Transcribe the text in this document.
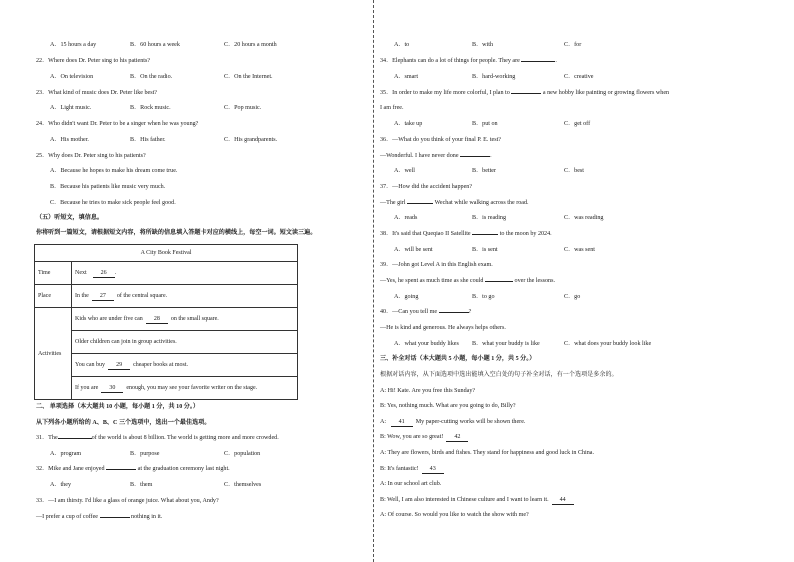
A．15 hours a day	B．60 hours a week	C．20 hours a month
22．Where does Dr. Peter sing to his patients?
A．On television	B．On the radio.	C．On the Internet.
23．What kind of music does Dr. Peter like best?
A．Light music.	B．Rock music.	C．Pop music.
24．Who didn't want Dr. Peter to be a singer when he was young?
A．His mother.	B．His father.	C．His grandparents.
25．Why does Dr. Peter sing to his patients?
A．Because he hopes to make his dream come true.
B．Because his patients like music very much.
C．Because he tries to make sick people feel good.
（五）听短文，填信息。
你将听到一篇短文，请根据短文内容，将所缺的信息填入答题卡对应的横线上，每空一词。短文读三遍。
A City Book Festival	
Time	Next 26 .
Place	In the 27 of the central square.
Activities	Kids who are under five can 28 on the small square.
	Older children can join in group activities.
	You can buy 29 cheaper books at most.
	If you are 30 enough, you may see your favorite writer on the stage.
二、 单项选择（本大题共 10 小题，每小题 1 分，共 10 分。）
从下列各小题所给的 A、B、C 三个选项中，选出一个最佳选项。
31．The	of the world is about 8 billion. The world is getting more and more crowded.
A．program	B．purpose	C．population
32．Mike and Jane enjoyed	at the graduation ceremony last night.
A．they	B．them	C．themselves
33．—I am thirsty. I'd like a glass of orange juice. What about you, Andy?
—I prefer a cup of coffee	nothing in it.
A．to	B．with	C．for
34．Elephants can do a lot of things for people. They are	.
A．smart	B．hard-working	C．creative
35．In order to make my life more colorful, I plan to	a new hobby like painting or growing flowers when
I am free.
A．take up	B．put on	C．get off
36．—What do you think of your final P. E. test?
—Wonderful. I have never done	.
A．well	B．better	C．best
37．—How did the accident happen?
—The girl	Wechat while walking across the road.
A．reads	B．is reading	C．was reading
38．It's said that Queqiao II Satellite	to the moon by 2024.
A．will be sent	B．is sent	C．was sent
39．—John got Level A in this English exam.
—Yes, he spent as much time as she could	over the lessons.
A．going	B．to go	C．go
40．—Can you tell me	?
—He is kind and generous. He always helps others.
A．what your buddy likes B．what your buddy is like	C．what does your buddy look like
三、补全对话（本大题共 5 小题，每小题 1 分，共 5 分。）
根据对话内容，从下面选项中选出能填入空白处的句子补全对话，有一个选项是多余的。
A: Hi! Kate. Are you free this Sunday?
B: Yes, nothing much. What are you going to do, Billy?
A: 41 My paper-cutting works will be shown there.
B: Wow, you are so great! 42
A: They are flowers, birds and fishes. They stand for happiness and good luck in China.
B: It's fantastic! 43
A: In our school art club.
B: Well, I am also interested in Chinese culture and I want to learn it. 44
A: Of course. So would you like to watch the show with me?
